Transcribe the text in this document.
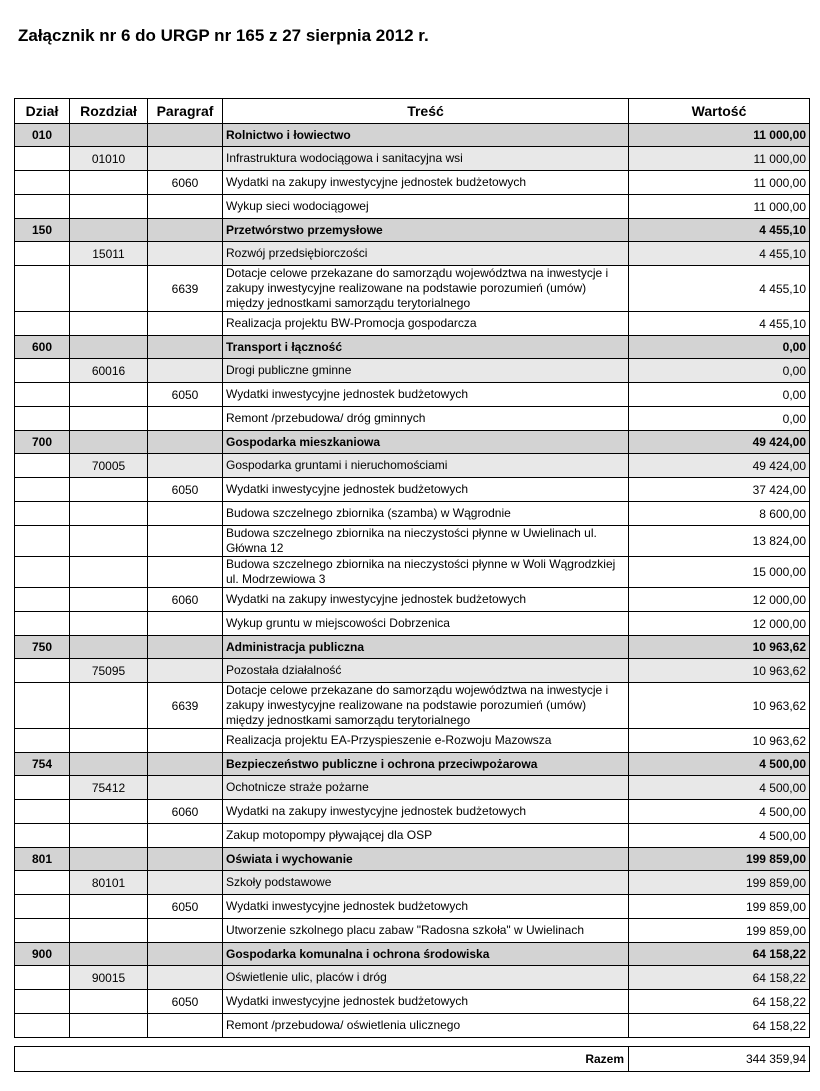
Załącznik nr 6 do URGP nr 165 z 27 sierpnia 2012 r.
Dział	Rozdział	Paragraf	Treść	Wartość
010			Rolnictwo i łowiectwo	11 000,00
	01010		Infrastruktura wodociągowa i sanitacyjna wsi	11 000,00
		6060	Wydatki na zakupy inwestycyjne jednostek budżetowych	11 000,00
			Wykup sieci wodociągowej	11 000,00
150			Przetwórstwo przemysłowe	4 455,10
	15011		Rozwój przedsiębiorczości	4 455,10
		6639	Dotacje celowe przekazane do samorządu województwa na inwestycje i zakupy inwestycyjne realizowane na podstawie porozumień (umów) między jednostkami samorządu terytorialnego	4 455,10
			Realizacja projektu BW-Promocja gospodarcza	4 455,10
600			Transport i łączność	0,00
	60016		Drogi publiczne gminne	0,00
		6050	Wydatki inwestycyjne jednostek budżetowych	0,00
			Remont /przebudowa/ dróg gminnych	0,00
700			Gospodarka mieszkaniowa	49 424,00
	70005		Gospodarka gruntami i nieruchomościami	49 424,00
		6050	Wydatki inwestycyjne jednostek budżetowych	37 424,00
			Budowa szczelnego zbiornika (szamba) w Wągrodnie	8 600,00
			Budowa szczelnego zbiornika na nieczystości płynne w Uwielinach ul. Główna 12	13 824,00
			Budowa szczelnego zbiornika na nieczystości płynne w Woli Wągrodzkiej ul. Modrzewiowa 3	15 000,00
		6060	Wydatki na zakupy inwestycyjne jednostek budżetowych	12 000,00
			Wykup gruntu w miejscowości Dobrzenica	12 000,00
750			Administracja publiczna	10 963,62
	75095		Pozostała działalność	10 963,62
		6639	Dotacje celowe przekazane do samorządu województwa na inwestycje i zakupy inwestycyjne realizowane na podstawie porozumień (umów) między jednostkami samorządu terytorialnego	10 963,62
			Realizacja projektu EA-Przyspieszenie e-Rozwoju Mazowsza	10 963,62
754			Bezpieczeństwo publiczne i ochrona przeciwpożarowa	4 500,00
	75412		Ochotnicze straże pożarne	4 500,00
		6060	Wydatki na zakupy inwestycyjne jednostek budżetowych	4 500,00
			Zakup motopompy pływającej dla OSP	4 500,00
801			Oświata i wychowanie	199 859,00
	80101		Szkoły podstawowe	199 859,00
		6050	Wydatki inwestycyjne jednostek budżetowych	199 859,00
			Utworzenie szkolnego placu zabaw "Radosna szkoła" w Uwielinach	199 859,00
900			Gospodarka komunalna i ochrona środowiska	64 158,22
	90015		Oświetlenie ulic, placów i dróg	64 158,22
		6050	Wydatki inwestycyjne jednostek budżetowych	64 158,22
			Remont /przebudowa/ oświetlenia ulicznego	64 158,22
Razem	344 359,94
